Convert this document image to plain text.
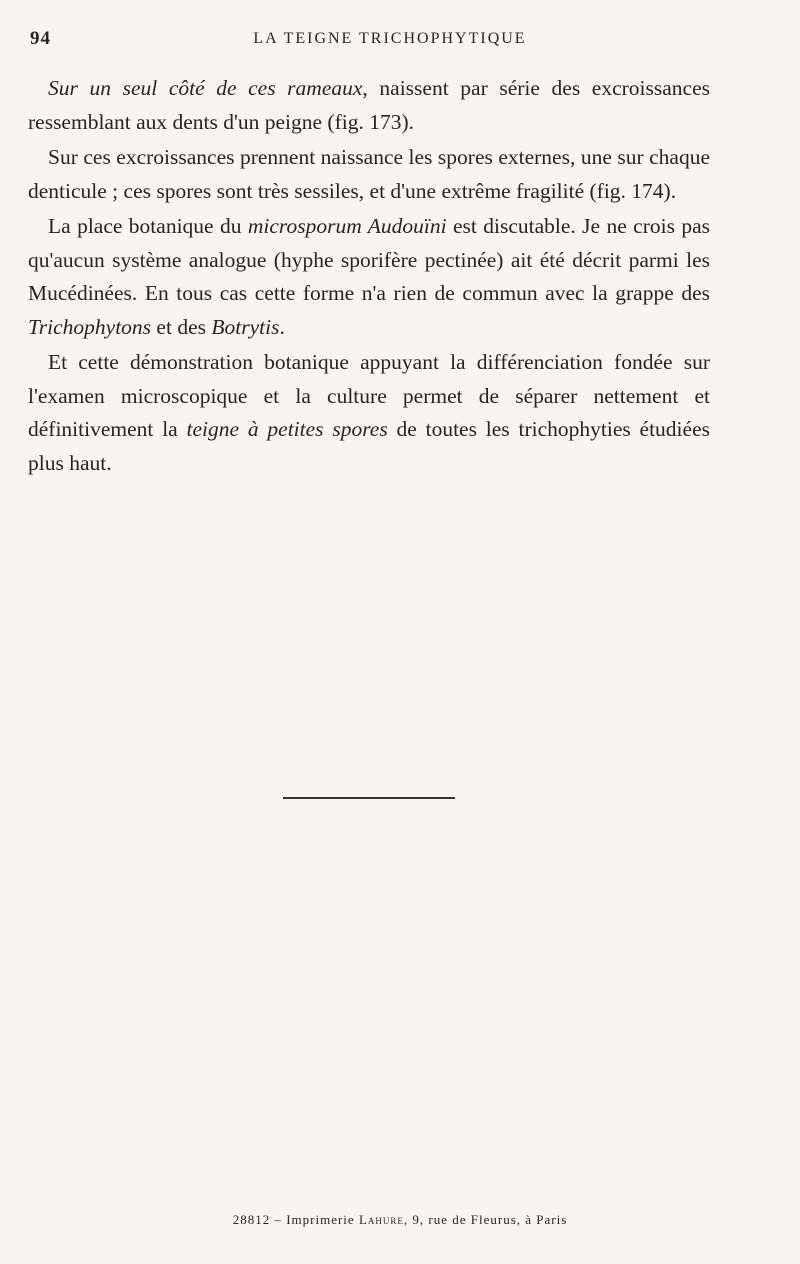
94	LA TEIGNE TRICHOPHYTIQUE

Sur un seul côté de ces rameaux, naissent par série des excroissances ressemblant aux dents d'un peigne (fig. 173).

Sur ces excroissances prennent naissance les spores externes, une sur chaque denticule ; ces spores sont très sessiles, et d'une extrême fragilité (fig. 174).

La place botanique du microsporum Audouïni est discutable. Je ne crois pas qu'aucun système analogue (hyphe sporifère pectinée) ait été décrit parmi les Mucédinées. En tous cas cette forme n'a rien de commun avec la grappe des Trichophytons et des Botrytis.

Et cette démonstration botanique appuyant la différenciation fondée sur l'examen microscopique et la culture permet de séparer nettement et définitivement la teigne à petites spores de toutes les trichophyties étudiées plus haut.

28812 – Imprimerie Lahure, 9, rue de Fleurus, à Paris
